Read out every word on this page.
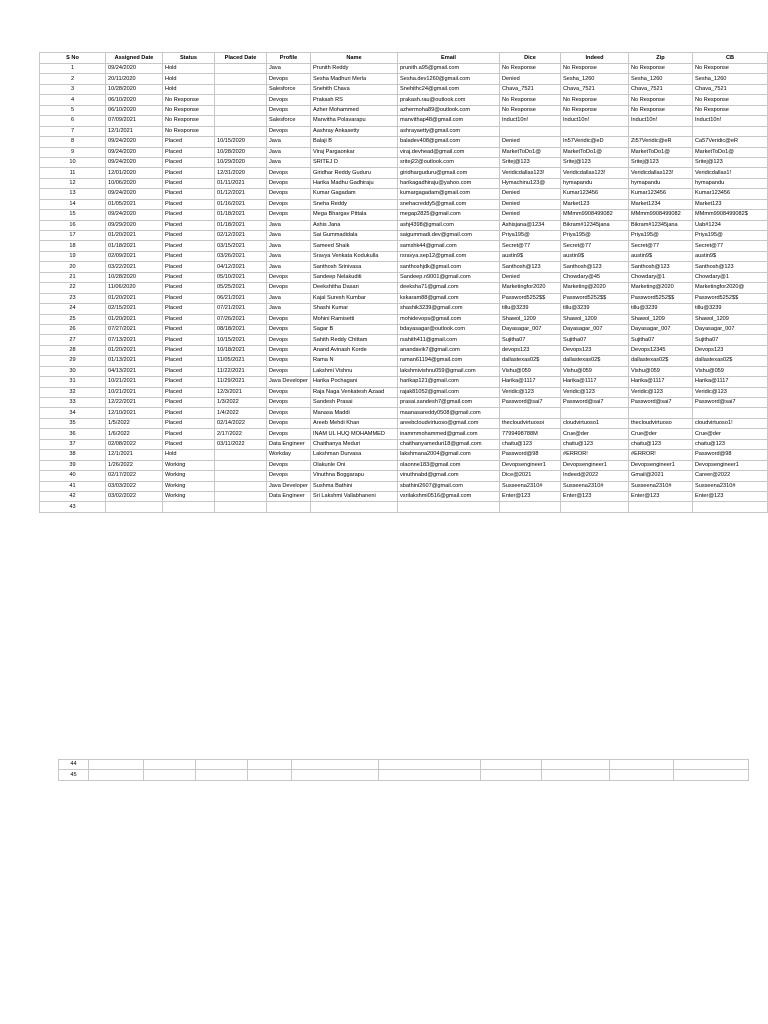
S No	Assigned Date	Status	Placed Date	Profile	Name	Email	Dice	Indeed	Zip	CB
1	09/24/2020	Hold		Java	Prunith Reddy	prunith.a95@gmail.com	No Response	No Response	No Response	No Response
2	20/11/2020	Hold		Devops	Sesha Madhuri Merla	Sesha.dev1260@gmail.com	Denied	Sesha_1260	Sesha_1260	Sesha_1260
3	10/28/2020	Hold		Salesforce	Snehith Chava	Snehithc24@gmail.com	Chava_7521	Chava_7521	Chava_7521	Chava_7521
4	06/10/2020	No Response		Devops	Prakash RS	prakash.rau@outlook.com	No Response	No Response	No Response	No Response
5	06/10/2020	No Response		Devops	Azher Mohammed	azhermoha89@outlook.com	No Response	No Response	No Response	No Response
6	07/09/2021	No Response		Salesforce	Manvitha Polavarapu	manvithap48@gmail.com	Induct10n!	Induct10n!	Induct10n!	Induct10n!
7	12/1/2021	No Response		Devops	Aashray Ankasetty	ashrayaetty@gmail.com				
8	09/24/2020	Placed	10/15/2020	Java	Balaji B	baladev408@gmail.com	Denied	In57Veridic@eD	Zi57Veridic@eR	Ca57Veridic@eR
9	09/24/2020	Placed	10/28/2020	Java	Viraj Pargaonkar	viraj.devhead@gmail.com	MarketToDo1@	MarketToDo1@	MarketToDo1@	MarketToDo1@
10	09/24/2020	Placed	10/29/2020	Java	SRITEJ D	sritej22@outlook.com	Sritej@123	Sritej@123	Sritej@123	Sritej@123
11	12/01/2020	Placed	12/31/2020	Devops	Giridhar Reddy Guduru	giridharguduru@gmail.com	Veridicdallas123!	Veridicdallas123!	Veridicdallas123!	Veridicdallas1!
12	10/06/2020	Placed	01/11/2021	Devops	Harika Madhu Gadhiraju	harikagadhiraju@yahoo.com	Hymachinu123@	hymapandu	hymapandu	hymapandu
13	09/24/2020	Placed	01/12/2021	Devops	Kumar Gagadam	kumargagadam@gmail.com	Denied	Kumar123456	Kumar123456	Kumar123456
14	01/05/2021	Placed	01/16/2021	Devops	Sneha Reddy	snehacreddy5@gmail.com	Denied	Market123	Market1234	Market123
15	09/24/2020	Placed	01/18/2021	Devops	Mega Bhargav Pittala	megap2825@gmail.com	Denied	MMmm9908499082	MMmm9908499082	MMmm9908499082$
16	09/29/2020	Placed	01/18/2021	Java	Ashis Jana	ashj4398@gmail.com	Ashisjana@1234	Bikram#12345jana	Bikram#12345jana	Uab#1234
17	01/20/2021	Placed	02/12/2021	Java	Sai Gummadidala	saigummadi.dev@gmail.com	Priya195@	Priya195@	Priya195@	Priya195@
18	01/18/2021	Placed	03/15/2021	Java	Sameed Shaik	samshk44@gmail.com	Secret@77	Secret@77	Secret@77	Secret@77
19	02/09/2021	Placed	03/26/2021	Java	Sravya Venkata Kodukulla	rsravya.sep12@gmail.com	austin9$	austin9$	austin9$	austin9$
20	03/22/2021	Placed	04/12/2021	Java	Santhosh Srinivasa	santhoshjdk@gmail.com	Santhosh@123	Santhosh@123	Santhosh@123	Santhosh@123
21	10/28/2020	Placed	05/10/2021	Devops	Sandeep Nelakuditi	Sandeep.n9001@gmail.com	Denied	Chowdary@45	Chowdary@1	Chowdary@1
22	11/06/2020	Placed	05/25/2021	Devops	Deekshitha Dasari	deeksha71@gmail.com	Marketingfor2020	Marketing@2020	Marketing@2020	Marketingfor2020@
23	01/20/2021	Placed	06/21/2021	Java	Kajal Suresh Kumbar	kskaram88@gmail.com	Password5252$$	Password5252$$	Password5252$$	Password5252$$
24	02/15/2021	Placed	07/21/2021	Java	Shashi Kumar	shashik3239@gmail.com	tillu@3239	tillu@3239	tillu@3239	tillu@3239
25	01/20/2021	Placed	07/26/2021	Devops	Mohini Ramisetti	mohidevops@gmail.com	Shawol_1209	Shawol_1209	Shawol_1209	Shawol_1209
26	07/27/2021	Placed	08/18/2021	Devops	Sagar B	bdayasagar@outlook.com	Dayasagar_007	Dayasagar_007	Dayasagar_007	Dayasagar_007
27	07/13/2021	Placed	10/15/2021	Devops	Sahith Reddy Chittam	rsahith411@gmail.com	Sujitha07	Sujitha07	Sujitha07	Sujitha07
28	01/20/2021	Placed	10/18/2021	Devops	Anand Avinash Korde	anandavik7@gmail.com	devops123	Devops123	Devops12345	Devops123
29	01/13/2021	Placed	11/05/2021	Devops	Rama N	raman61194@gmail.com	dallastexas02$	dallastexas02$	dallastexas02$	dallastexas02$
30	04/13/2021	Placed	11/22/2021	Devops	Lakshmi Vishnu	lakshmivishnu059@gmail.com	Vishu@059	Vishu@059	Vishu@059	Vishu@059
31	10/21/2021	Placed	11/29/2021	Java Developer	Harika Pochagani	harikap121@gmail.com	Harika@1117	Harika@1117	Harika@1117	Harika@1117
32	10/21/2021	Placed	12/3/2021	Devops	Raja Naga Venkatesh Azaad	rajak81052@gmail.com	Veridic@123	Veridic@123	Veridic@123	Veridic@123
33	12/22/2021	Placed	1/3/2022	Devops	Sandesh Prasai	prasai.sandesh7@gmail.com	Password@sai7	Password@sai7	Password@sai7	Password@sai7
34	12/10/2021	Placed	1/4/2022	Devops	Manasa Maddi	maanasareddy0508@gmail.com				
35	1/5/2022	Placed	02/14/2022	Devops	Areeb Mehdi Khan	areebcloudvirtuoso@gmail.com	thecloudvirtuosoi	cloudvirtuoso1	thecloudvirtuoso	cloudvirtuoso1!
36	1/6/2022	Placed	2/17/2022	Devops	INAM UL HUQ MOHAMMED	inammmohammed@gmail.com	7799498788M	Crue@der	Crue@der	Crue@der
37	02/08/2022	Placed	03/11/2022	Data Engineer	Chaithanya Meduri	chaithanyameduri18@gmail.com	chaitu@123	chaitu@123	chaitu@123	chaitu@123
38	12/1/2021	Hold		Workday	Lakshman Durvasa	lakshmana2004@gmail.com	Password@98	#ERROR!	#ERROR!	Password@98
39	1/26/2022	Working		Devops	Olakunle Oni	olaonne183@gmail.com	Devopsengineer1	Devopsengineer1	Devopsengineer1	Devopsengineer1
40	02/17/2022	Working		Devops	Vinuthna Boggarapu	vinuthnabd@gmail.com	Dice@2021	Indeed@2022	Gmail@2021	Career@2022
41	03/03/2022	Working		Java Developer	Sushma Bathini	sbathini2607@gmail.com	Susseena2310#	Susseena2310#	Susseena2310#	Susseena2310#
42	03/02/2022	Working		Data Engineer	Sri Lakshmi Vallabhaneni	vsrilakshmi0516@gmail.com	Enter@123	Enter@123	Enter@123	Enter@123
43										
44										
45										
